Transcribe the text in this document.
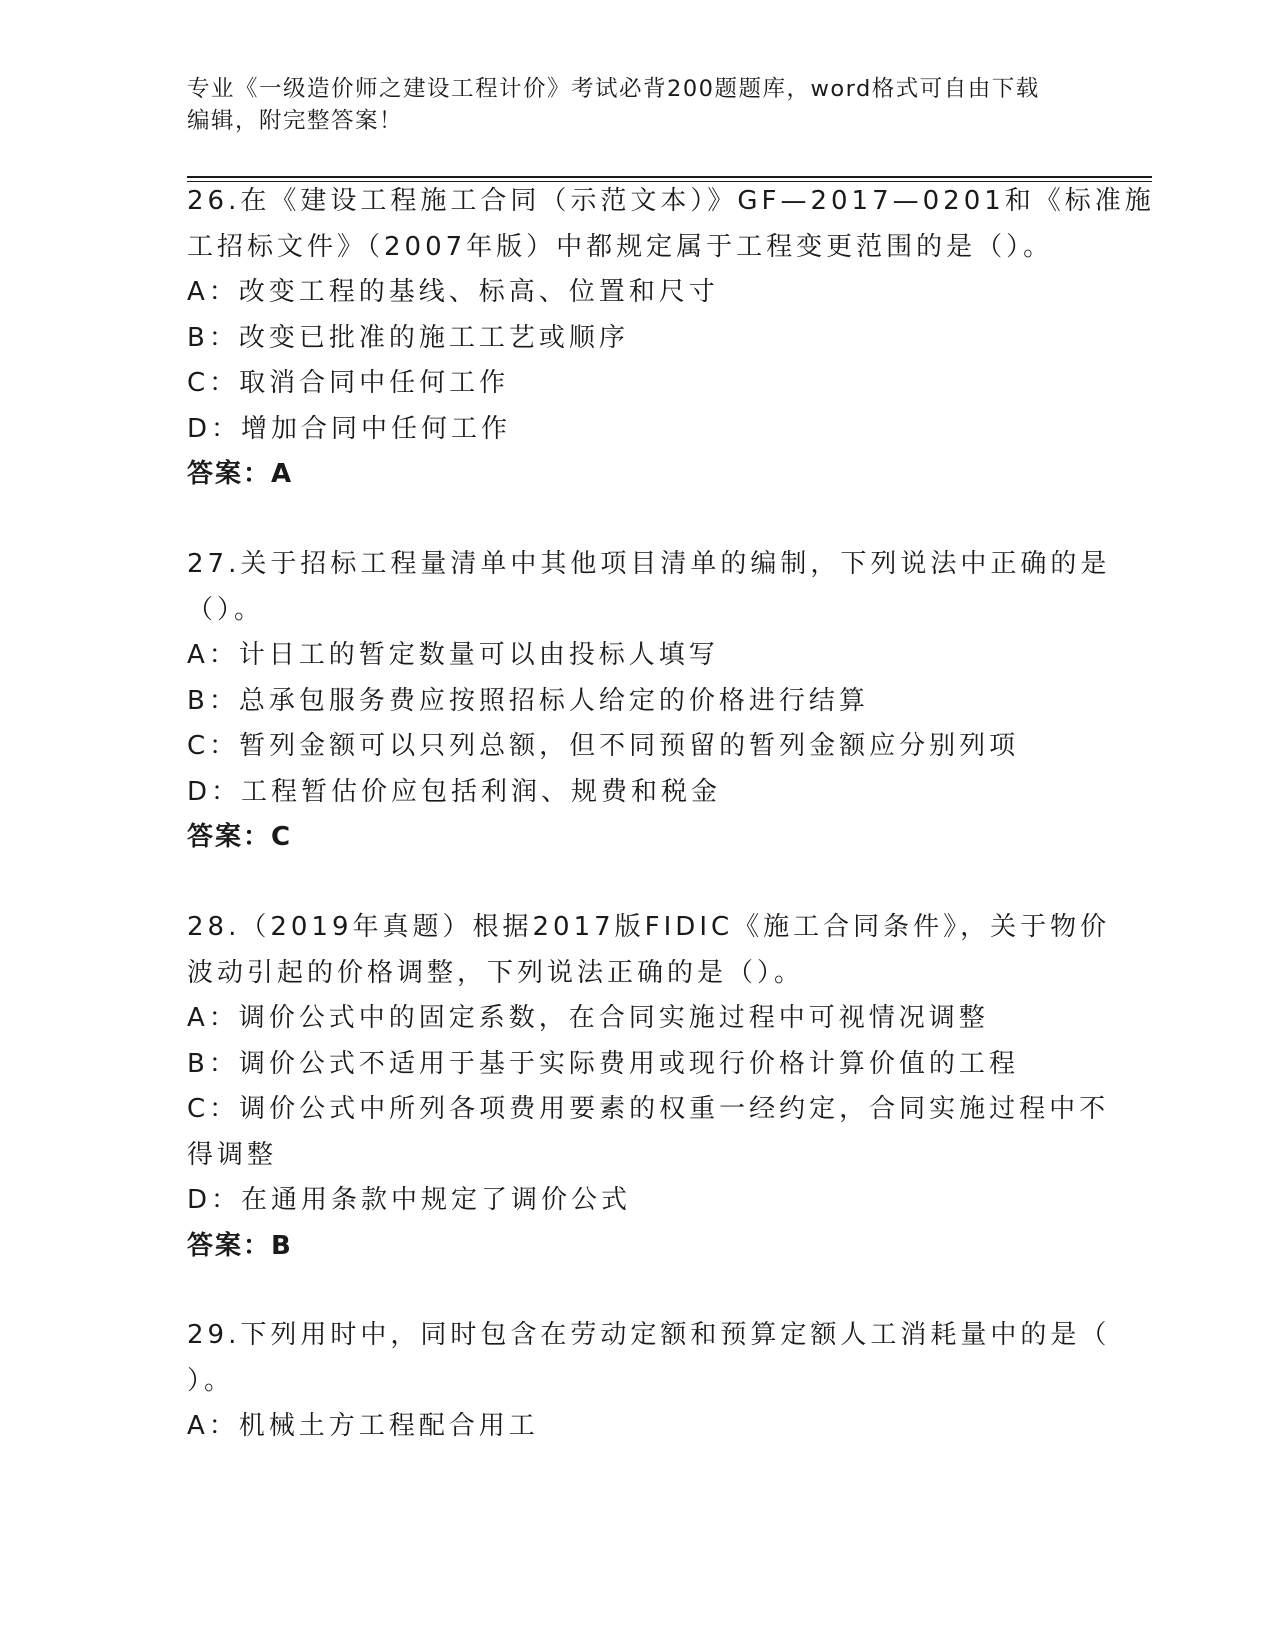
专业《一级造价师之建设工程计价》考试必背200题题库，word格式可自由下载
编辑，附完整答案！
26.在《建设工程施工合同（示范文本）》GF—2017—0201和《标准施
工招标文件》（2007年版）中都规定属于工程变更范围的是（）。
A：改变工程的基线、标高、位置和尺寸
B：改变已批准的施工工艺或顺序
C：取消合同中任何工作
D：增加合同中任何工作
答案：A
27.关于招标工程量清单中其他项目清单的编制，下列说法中正确的是
（）。
A：计日工的暂定数量可以由投标人填写
B：总承包服务费应按照招标人给定的价格进行结算
C：暂列金额可以只列总额，但不同预留的暂列金额应分别列项
D：工程暂估价应包括利润、规费和税金
答案：C
28.（2019年真题）根据2017版FIDIC《施工合同条件》，关于物价
波动引起的价格调整，下列说法正确的是（）。
A：调价公式中的固定系数，在合同实施过程中可视情况调整
B：调价公式不适用于基于实际费用或现行价格计算价值的工程
C：调价公式中所列各项费用要素的权重一经约定，合同实施过程中不
得调整
D：在通用条款中规定了调价公式
答案：B
29.下列用时中，同时包含在劳动定额和预算定额人工消耗量中的是（
）。
A：机械土方工程配合用工
